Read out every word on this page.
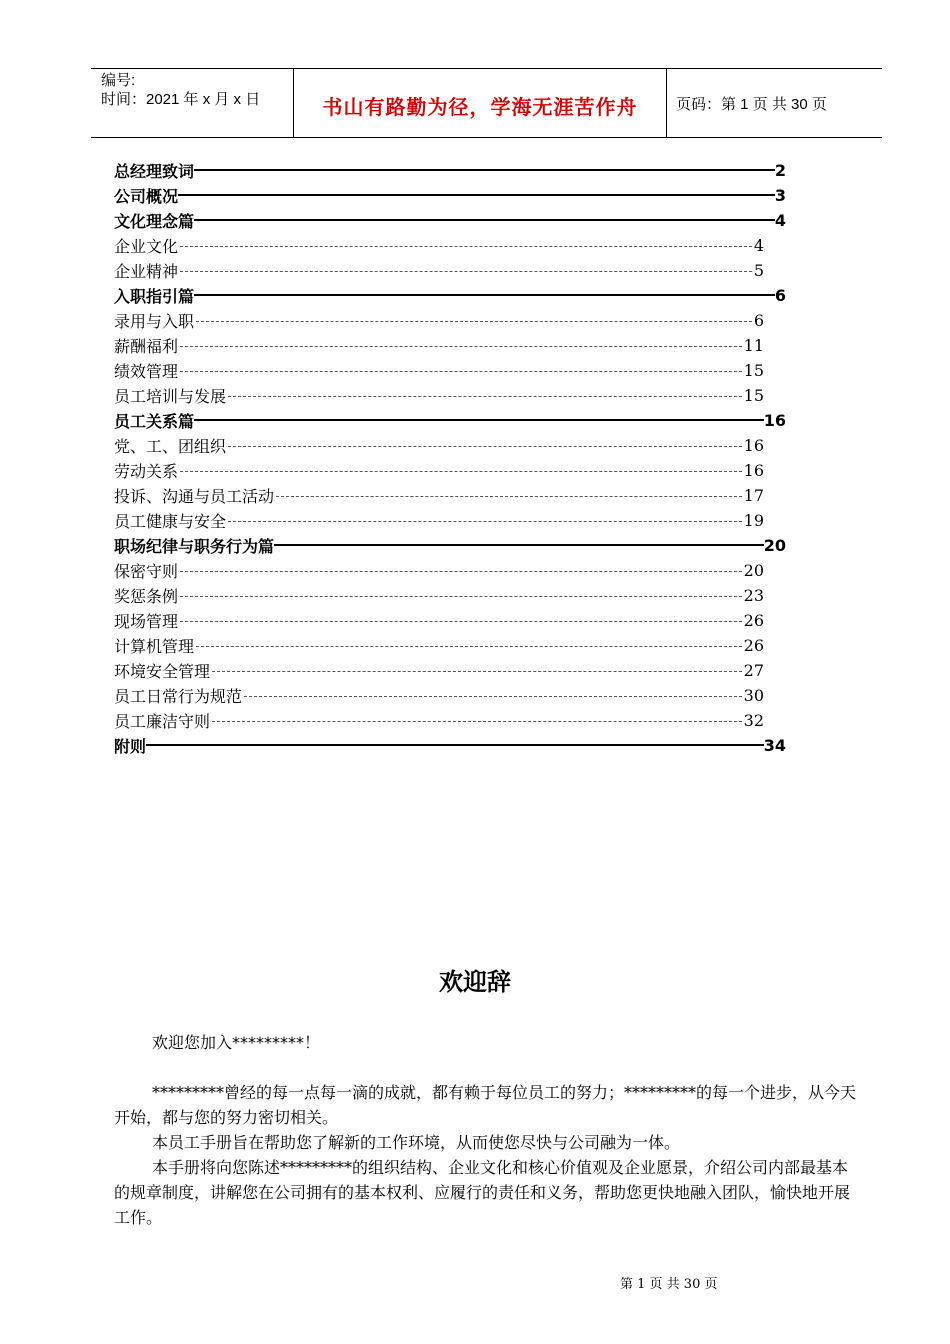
编号:
时间：2021 年 x 月 x 日	书山有路勤为径，学海无涯苦作舟	页码：第 1 页 共 30 页
总经理致词	2
公司概况	3
文化理念篇	4
企业文化	4
企业精神	5
入职指引篇	6
录用与入职	6
薪酬福利	11
绩效管理	15
员工培训与发展	15
员工关系篇	16
党、工、团组织	16
劳动关系	16
投诉、沟通与员工活动	17
员工健康与安全	19
职场纪律与职务行为篇	20
保密守则	20
奖惩条例	23
现场管理	26
计算机管理	26
环境安全管理	27
员工日常行为规范	30
员工廉洁守则	32
附则	34
欢迎辞
欢迎您加入*********！
*********曾经的每一点每一滴的成就，都有赖于每位员工的努力；*********的每一个进步，从今天开始，都与您的努力密切相关。
本员工手册旨在帮助您了解新的工作环境，从而使您尽快与公司融为一体。
本手册将向您陈述*********的组织结构、企业文化和核心价值观及企业愿景，介绍公司内部最基本的规章制度，讲解您在公司拥有的基本权利、应履行的责任和义务，帮助您更快地融入团队，愉快地开展工作。
第 1 页 共 30 页
